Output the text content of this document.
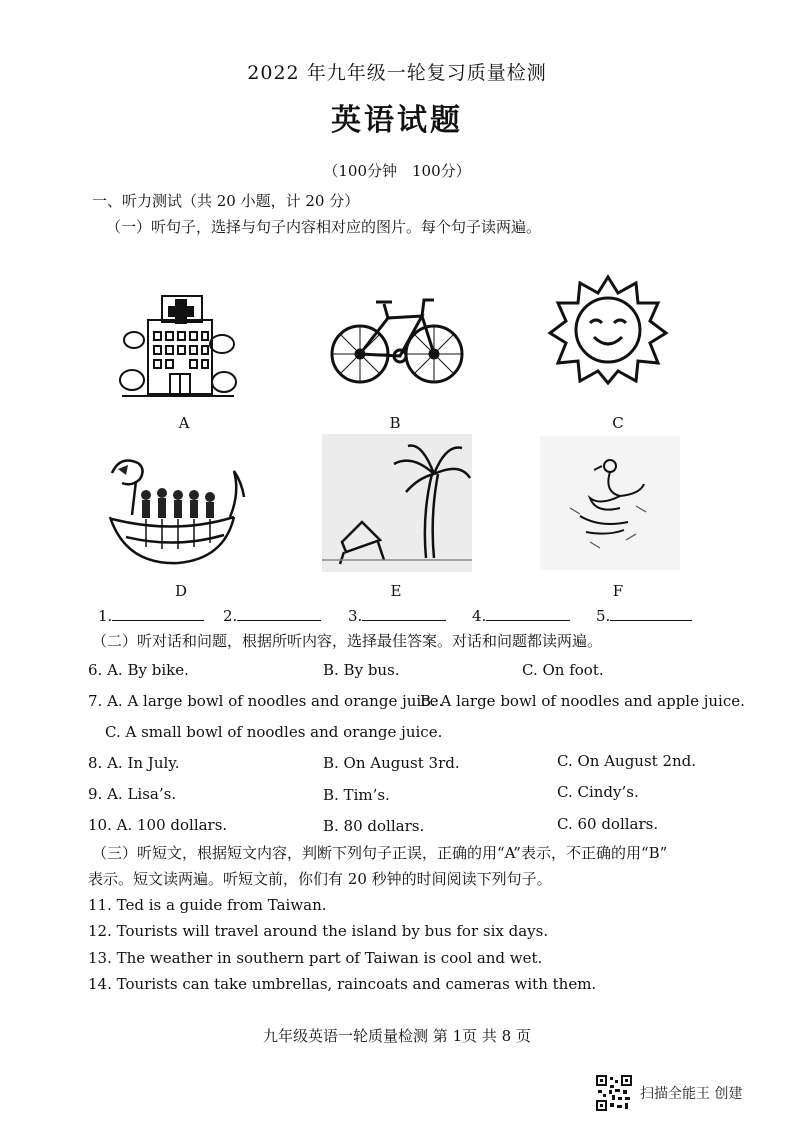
2022 年九年级一轮复习质量检测
英语试题
（100分钟　100分）
一、听力测试（共 20 小题，计 20 分）
（一）听句子，选择与句子内容相对应的图片。每个句子读两遍。
A	B	C
D	E	F
1.	2.	3.	4.	5.
（二）听对话和问题，根据所听内容，选择最佳答案。对话和问题都读两遍。
6. A. By bike.	B. By bus.	C. On foot.
7. A. A large bowl of noodles and orange juice.
B. A large bowl of noodles and apple juice.
C. A small bowl of noodles and orange juice.
8. A. In July.	B. On August 3rd.	C. On August 2nd.
9. A. Lisa’s.	B. Tim’s.	C. Cindy’s.
10. A. 100 dollars.	B. 80 dollars.	C. 60 dollars.
（三）听短文，根据短文内容，判断下列句子正误，正确的用“A”表示，不正确的用“B”
表示。短文读两遍。听短文前，你们有 20 秒钟的时间阅读下列句子。
11. Ted is a guide from Taiwan.
12. Tourists will travel around the island by bus for six days.
13. The weather in southern part of Taiwan is cool and wet.
14. Tourists can take umbrellas, raincoats and cameras with them.
九年级英语一轮质量检测 第 1页 共 8 页
扫描全能王 创建
